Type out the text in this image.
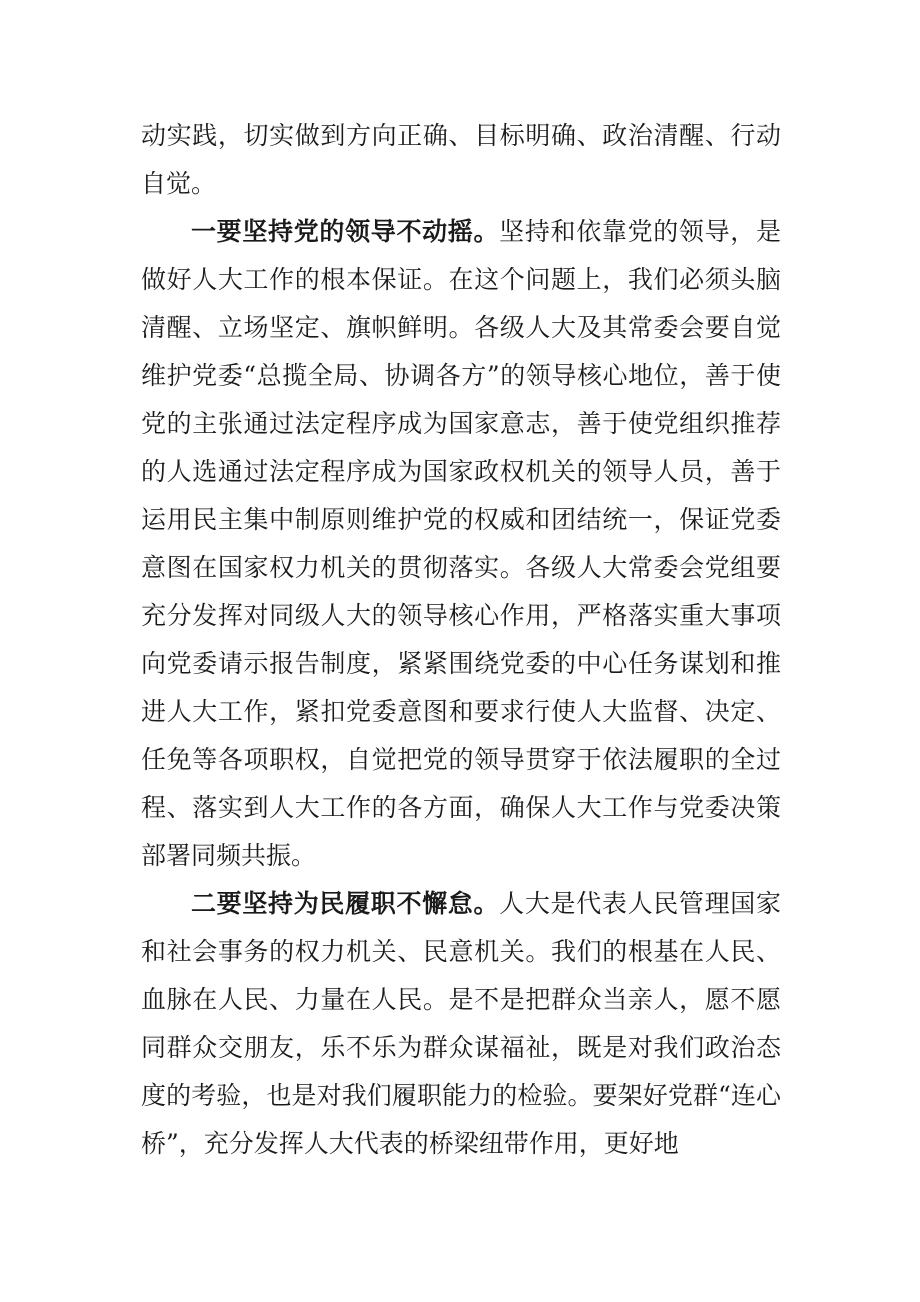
动实践，切实做到方向正确、目标明确、政治清醒、行动自觉。

一要坚持党的领导不动摇。坚持和依靠党的领导，是做好人大工作的根本保证。在这个问题上，我们必须头脑清醒、立场坚定、旗帜鲜明。各级人大及其常委会要自觉维护党委“总揽全局、协调各方”的领导核心地位，善于使党的主张通过法定程序成为国家意志，善于使党组织推荐的人选通过法定程序成为国家政权机关的领导人员，善于运用民主集中制原则维护党的权威和团结统一，保证党委意图在国家权力机关的贯彻落实。各级人大常委会党组要充分发挥对同级人大的领导核心作用，严格落实重大事项向党委请示报告制度，紧紧围绕党委的中心任务谋划和推进人大工作，紧扣党委意图和要求行使人大监督、决定、任免等各项职权，自觉把党的领导贯穿于依法履职的全过程、落实到人大工作的各方面，确保人大工作与党委决策部署同频共振。

二要坚持为民履职不懈怠。人大是代表人民管理国家和社会事务的权力机关、民意机关。我们的根基在人民、血脉在人民、力量在人民。是不是把群众当亲人，愿不愿同群众交朋友，乐不乐为群众谋福祉，既是对我们政治态度的考验，也是对我们履职能力的检验。要架好党群“连心桥”，充分发挥人大代表的桥梁纽带作用，更好地
